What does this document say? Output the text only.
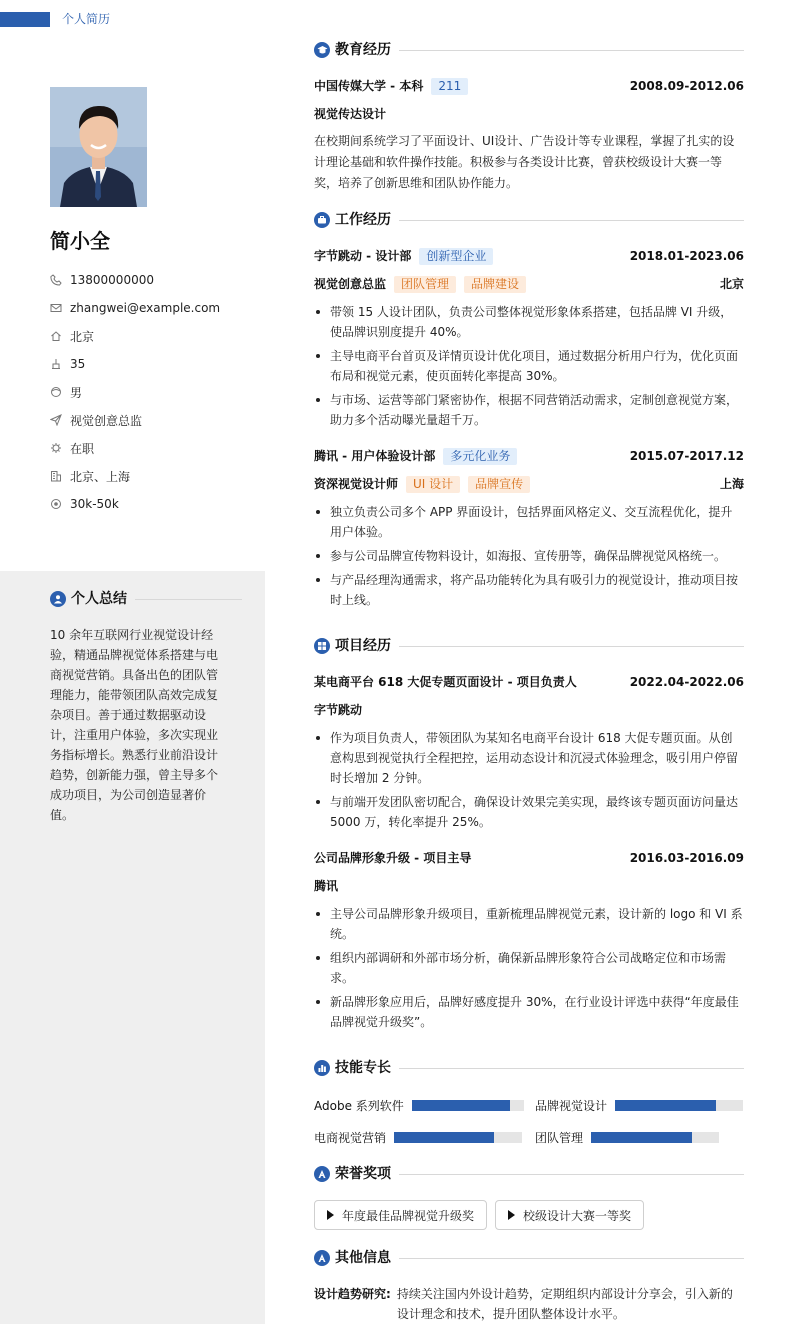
个人简历
简小全
13800000000
zhangwei@example.com
北京
35
男
视觉创意总监
在职
北京、上海
30k-50k
个人总结
10 余年互联网行业视觉设计经验，精通品牌视觉体系搭建与电商视觉营销。具备出色的团队管理能力，能带领团队高效完成复杂项目。善于通过数据驱动设计，注重用户体验，多次实现业务指标增长。熟悉行业前沿设计趋势，创新能力强，曾主导多个成功项目，为公司创造显著价值。
教育经历
中国传媒大学 - 本科	211	2008.09-2012.06
视觉传达设计
在校期间系统学习了平面设计、UI设计、广告设计等专业课程，掌握了扎实的设计理论基础和软件操作技能。积极参与各类设计比赛，曾获校级设计大赛一等奖，培养了创新思维和团队协作能力。
工作经历
字节跳动 - 设计部	创新型企业	2018.01-2023.06
视觉创意总监	团队管理	品牌建设	北京
带领 15 人设计团队，负责公司整体视觉形象体系搭建，包括品牌 VI 升级，使品牌识别度提升 40%。
主导电商平台首页及详情页设计优化项目，通过数据分析用户行为，优化页面布局和视觉元素，使页面转化率提高 30%。
与市场、运营等部门紧密协作，根据不同营销活动需求，定制创意视觉方案，助力多个活动曝光量超千万。
腾讯 - 用户体验设计部	多元化业务	2015.07-2017.12
资深视觉设计师	UI 设计	品牌宣传	上海
独立负责公司多个 APP 界面设计，包括界面风格定义、交互流程优化，提升用户体验。
参与公司品牌宣传物料设计，如海报、宣传册等，确保品牌视觉风格统一。
与产品经理沟通需求，将产品功能转化为具有吸引力的视觉设计，推动项目按时上线。
项目经历
某电商平台 618 大促专题页面设计 - 项目负责人	2022.04-2022.06
字节跳动
作为项目负责人，带领团队为某知名电商平台设计 618 大促专题页面。从创意构思到视觉执行全程把控，运用动态设计和沉浸式体验理念，吸引用户停留时长增加 2 分钟。
与前端开发团队密切配合，确保设计效果完美实现，最终该专题页面访问量达 5000 万，转化率提升 25%。
公司品牌形象升级 - 项目主导	2016.03-2016.09
腾讯
主导公司品牌形象升级项目，重新梳理品牌视觉元素，设计新的 logo 和 VI 系统。
组织内部调研和外部市场分析，确保新品牌形象符合公司战略定位和市场需求。
新品牌形象应用后，品牌好感度提升 30%，在行业设计评选中获得“年度最佳品牌视觉升级奖”。
技能专长
Adobe 系列软件	品牌视觉设计
电商视觉营销	团队管理
荣誉奖项
年度最佳品牌视觉升级奖	校级设计大赛一等奖
其他信息
设计趋势研究: 持续关注国内外设计趋势，定期组织内部设计分享会，引入新的设计理念和技术，提升团队整体设计水平。
